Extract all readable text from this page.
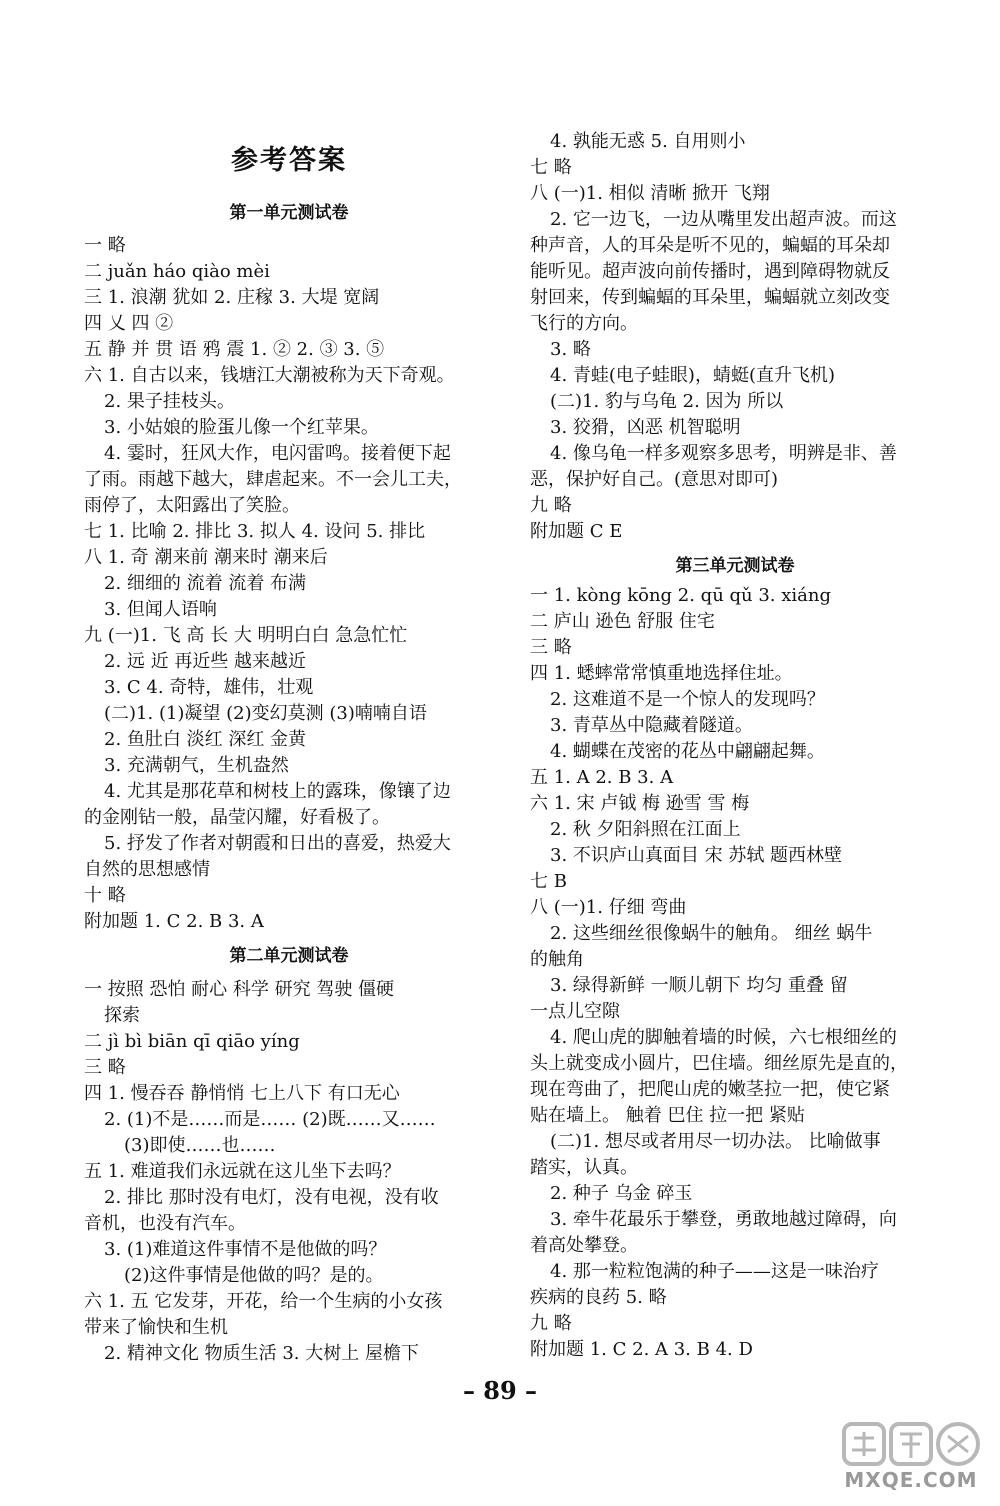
参考答案
第一单元测试卷
一 略
二 juǎn háo qiào mèi
三 1. 浪潮 犹如 2. 庄稼 3. 大堤 宽阔
四 乂 四 ②
五 静 并 贯 语 鸦 震 1. ② 2. ③ 3. ⑤
六 1. 自古以来，钱塘江大潮被称为天下奇观。
2. 果子挂枝头。
3. 小姑娘的脸蛋儿像一个红苹果。
4. 霎时，狂风大作，电闪雷鸣。接着便下起
了雨。雨越下越大，肆虐起来。不一会儿工夫，
雨停了，太阳露出了笑脸。
七 1. 比喻 2. 排比 3. 拟人 4. 设问 5. 排比
八 1. 奇 潮来前 潮来时 潮来后
2. 细细的 流着 流着 布满
3. 但闻人语响
九 (一)1. 飞 高 长 大 明明白白 急急忙忙
2. 远 近 再近些 越来越近
3. C 4. 奇特，雄伟，壮观
(二)1. (1)凝望 (2)变幻莫测 (3)喃喃自语
2. 鱼肚白 淡红 深红 金黄
3. 充满朝气，生机盎然
4. 尤其是那花草和树枝上的露珠，像镶了边
的金刚钻一般，晶莹闪耀，好看极了。
5. 抒发了作者对朝霞和日出的喜爱，热爱大
自然的思想感情
十 略
附加题 1. C 2. B 3. A
第二单元测试卷
一 按照 恐怕 耐心 科学 研究 驾驶 僵硬
探索
二 jì bì biān qī qiāo yíng
三 略
四 1. 慢吞吞 静悄悄 七上八下 有口无心
2. (1)不是……而是…… (2)既……又……
(3)即使……也……
五 1. 难道我们永远就在这儿坐下去吗？
2. 排比 那时没有电灯，没有电视，没有收
音机，也没有汽车。
3. (1)难道这件事情不是他做的吗？
(2)这件事情是他做的吗？是的。
六 1. 五 它发芽，开花，给一个生病的小女孩
带来了愉快和生机
2. 精神文化 物质生活 3. 大树上 屋檐下
4. 孰能无惑 5. 自用则小
七 略
八 (一)1. 相似 清晰 掀开 飞翔
2. 它一边飞，一边从嘴里发出超声波。而这
种声音，人的耳朵是听不见的，蝙蝠的耳朵却
能听见。超声波向前传播时，遇到障碍物就反
射回来，传到蝙蝠的耳朵里，蝙蝠就立刻改变
飞行的方向。
3. 略
4. 青蛙(电子蛙眼)，蜻蜓(直升飞机)
(二)1. 豹与乌龟 2. 因为 所以
3. 狡猾，凶恶 机智聪明
4. 像乌龟一样多观察多思考，明辨是非、善
恶，保护好自己。(意思对即可)
九 略
附加题 C E
第三单元测试卷
一 1. kòng kōng 2. qū qǔ 3. xiáng
二 庐山 逊色 舒服 住宅
三 略
四 1. 蟋蟀常常慎重地选择住址。
2. 这难道不是一个惊人的发现吗？
3. 青草丛中隐藏着隧道。
4. 蝴蝶在茂密的花丛中翩翩起舞。
五 1. A 2. B 3. A
六 1. 宋 卢钺 梅 逊雪 雪 梅
2. 秋 夕阳斜照在江面上
3. 不识庐山真面目 宋 苏轼 题西林壁
七 B
八 (一)1. 仔细 弯曲
2. 这些细丝很像蜗牛的触角。 细丝 蜗牛
的触角
3. 绿得新鲜 一顺儿朝下 均匀 重叠 留
一点儿空隙
4. 爬山虎的脚触着墙的时候，六七根细丝的
头上就变成小圆片，巴住墙。细丝原先是直的，
现在弯曲了，把爬山虎的嫩茎拉一把，使它紧
贴在墙上。 触着 巴住 拉一把 紧贴
(二)1. 想尽或者用尽一切办法。 比喻做事
踏实，认真。
2. 种子 乌金 碎玉
3. 牵牛花最乐于攀登，勇敢地越过障碍，向
着高处攀登。
4. 那一粒粒饱满的种子——这是一味治疗
疾病的良药 5. 略
九 略
附加题 1. C 2. A 3. B 4. D
– 89 –
MXQE.COM
